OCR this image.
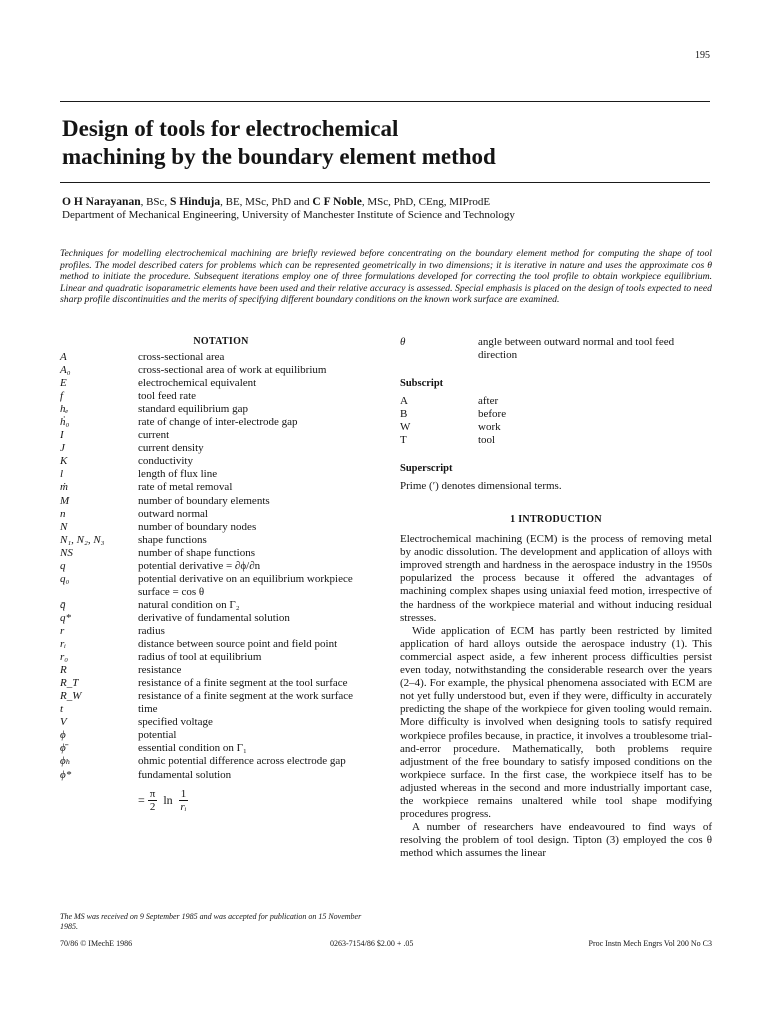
195
Design of tools for electrochemical
machining by the boundary element method
O H Narayanan, BSc, S Hinduja, BE, MSc, PhD and C F Noble, MSc, PhD, CEng, MIProdE
Department of Mechanical Engineering, University of Manchester Institute of Science and Technology
Techniques for modelling electrochemical machining are briefly reviewed before concentrating on the boundary element method for computing the shape of tool profiles. The model described caters for problems which can be represented geometrically in two dimensions; it is iterative in nature and uses the approximate cos θ method to initiate the procedure. Subsequent iterations employ one of three formulations developed for correcting the tool profile to obtain workpiece equilibrium. Linear and quadratic isoparametric elements have been used and their relative accuracy is assessed. Special emphasis is placed on the design of tools expected to need sharp profile discontinuities and the merits of specifying different boundary conditions on the known work surface are examined.
NOTATION
A	cross-sectional area
A₀	cross-sectional area of work at equilibrium
E	electrochemical equivalent
f	tool feed rate
hₑ	standard equilibrium gap
ḣ₀	rate of change of inter-electrode gap
I	current
J	current density
K	conductivity
l	length of flux line
ṁ	rate of metal removal
M	number of boundary elements
n	outward normal
N	number of boundary nodes
N₁, N₂, N₃	shape functions
NS	number of shape functions
q	potential derivative = ∂ϕ/∂n
q₀	potential derivative on an equilibrium workpiece surface = cos θ
q̄	natural condition on Γ₂
q*	derivative of fundamental solution
r	radius
rᵢ	distance between source point and field point
r₀	radius of tool at equilibrium
R	resistance
R_T	resistance of a finite segment at the tool surface
R_W	resistance of a finite segment at the work surface
t	time
V	specified voltage
ϕ	potential
ϕ̄	essential condition on Γ₁
ϕₕ	ohmic potential difference across electrode gap
ϕ*	fundamental solution
= $\frac{\pi}{2}$ $\ln \frac{1}{\text{rᵢ}}$
θ	angle between outward normal and tool feed direction
Subscript
A	after
B	before
W	work
T	tool
Superscript
Prime (′) denotes dimensional terms.
1 INTRODUCTION

Electrochemical machining (ECM) is the process of removing metal by anodic dissolution. The development and application of alloys with improved strength and hardness in the aerospace industry in the 1950s popularized the process because it offered the advantages of machining complex shapes using uniaxial feed motion, irrespective of the hardness of the workpiece material and without inducing residual stresses.

Wide application of ECM has partly been restricted by limited application of hard alloys outside the aerospace industry (1). This commercial aspect aside, a few inherent process difficulties persist even today, notwithstanding the considerable research over the years (2–4). For example, the physical phenomena associated with ECM are not yet fully understood but, even if they were, difficulty in accurately predicting the shape of the workpiece for given tooling would remain. More difficulty is involved when designing tools to satisfy required workpiece profiles because, in practice, it involves a troublesome trial-and-error procedure. Mathematically, both problems require adjustment of the free boundary to satisfy imposed conditions on the workpiece surface. In the first case, the workpiece itself has to be adjusted whereas in the second and more industrially important case, the workpiece remains unaltered while tool shape modifying procedures progress.

A number of researchers have endeavoured to find ways of resolving the problem of tool design. Tipton (3) employed the cos θ method which assumes the linear

The MS was received on 9 September 1985 and was accepted for publication on 15 November 1985.
70/86 © IMechE 1986	0263-7154/86 $2.00 + .05	Proc Instn Mech Engrs Vol 200 No C3
